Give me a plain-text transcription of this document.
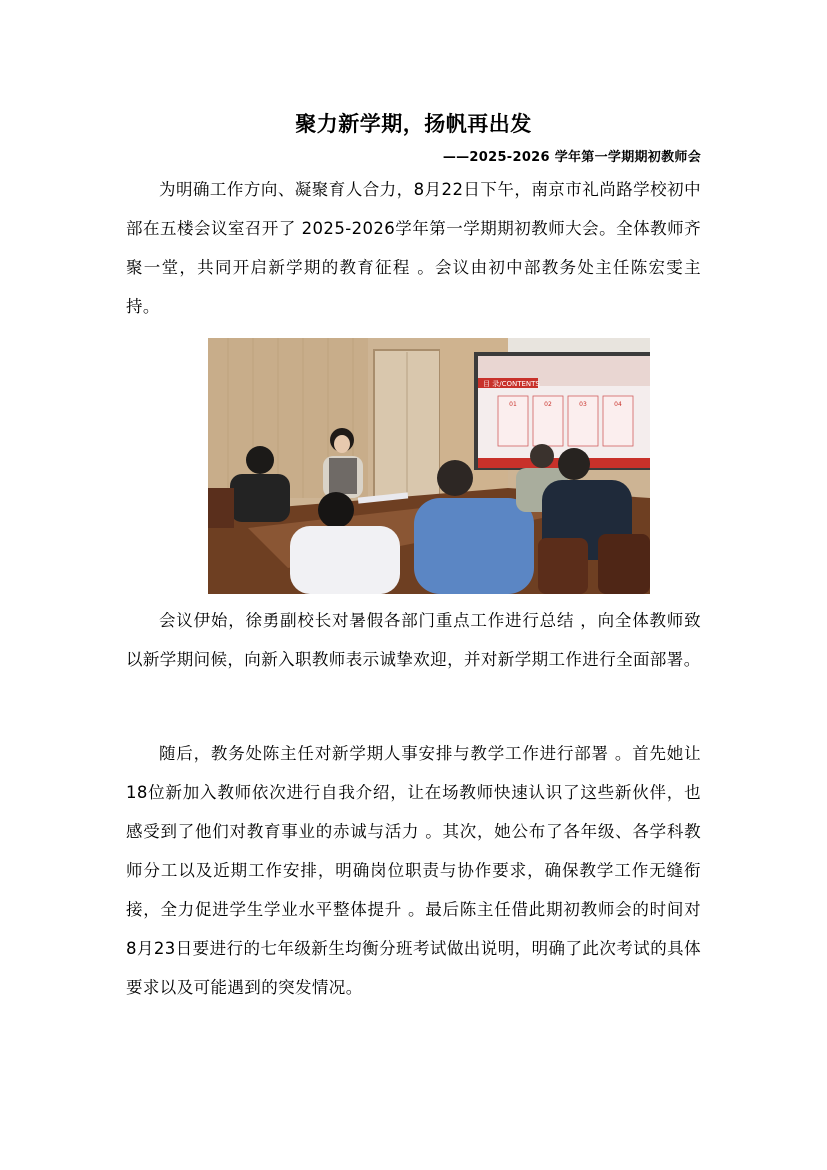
聚力新学期，扬帆再出发
——2025-2026 学年第一学期期初教师会

为明确工作方向、凝聚育人合力，8月22日下午，南京市礼尚路学校初中部在五楼会议室召开了 2025-2026学年第一学期期初教师大会。全体教师齐聚一堂，共同开启新学期的教育征程 。会议由初中部教务处主任陈宏雯主持。

目 录/CONTENTS
01	02	03	04

会议伊始，徐勇副校长对暑假各部门重点工作进行总结 ，向全体教师致以新学期问候，向新入职教师表示诚挚欢迎，并对新学期工作进行全面部署。

随后，教务处陈主任对新学期人事安排与教学工作进行部署 。首先她让 18位新加入教师依次进行自我介绍，让在场教师快速认识了这些新伙伴，也感受到了他们对教育事业的赤诚与活力 。其次，她公布了各年级、各学科教师分工以及近期工作安排，明确岗位职责与协作要求，确保教学工作无缝衔接，全力促进学生学业水平整体提升 。最后陈主任借此期初教师会的时间对 8月23日要进行的七年级新生均衡分班考试做出说明，明确了此次考试的具体要求以及可能遇到的突发情况。
